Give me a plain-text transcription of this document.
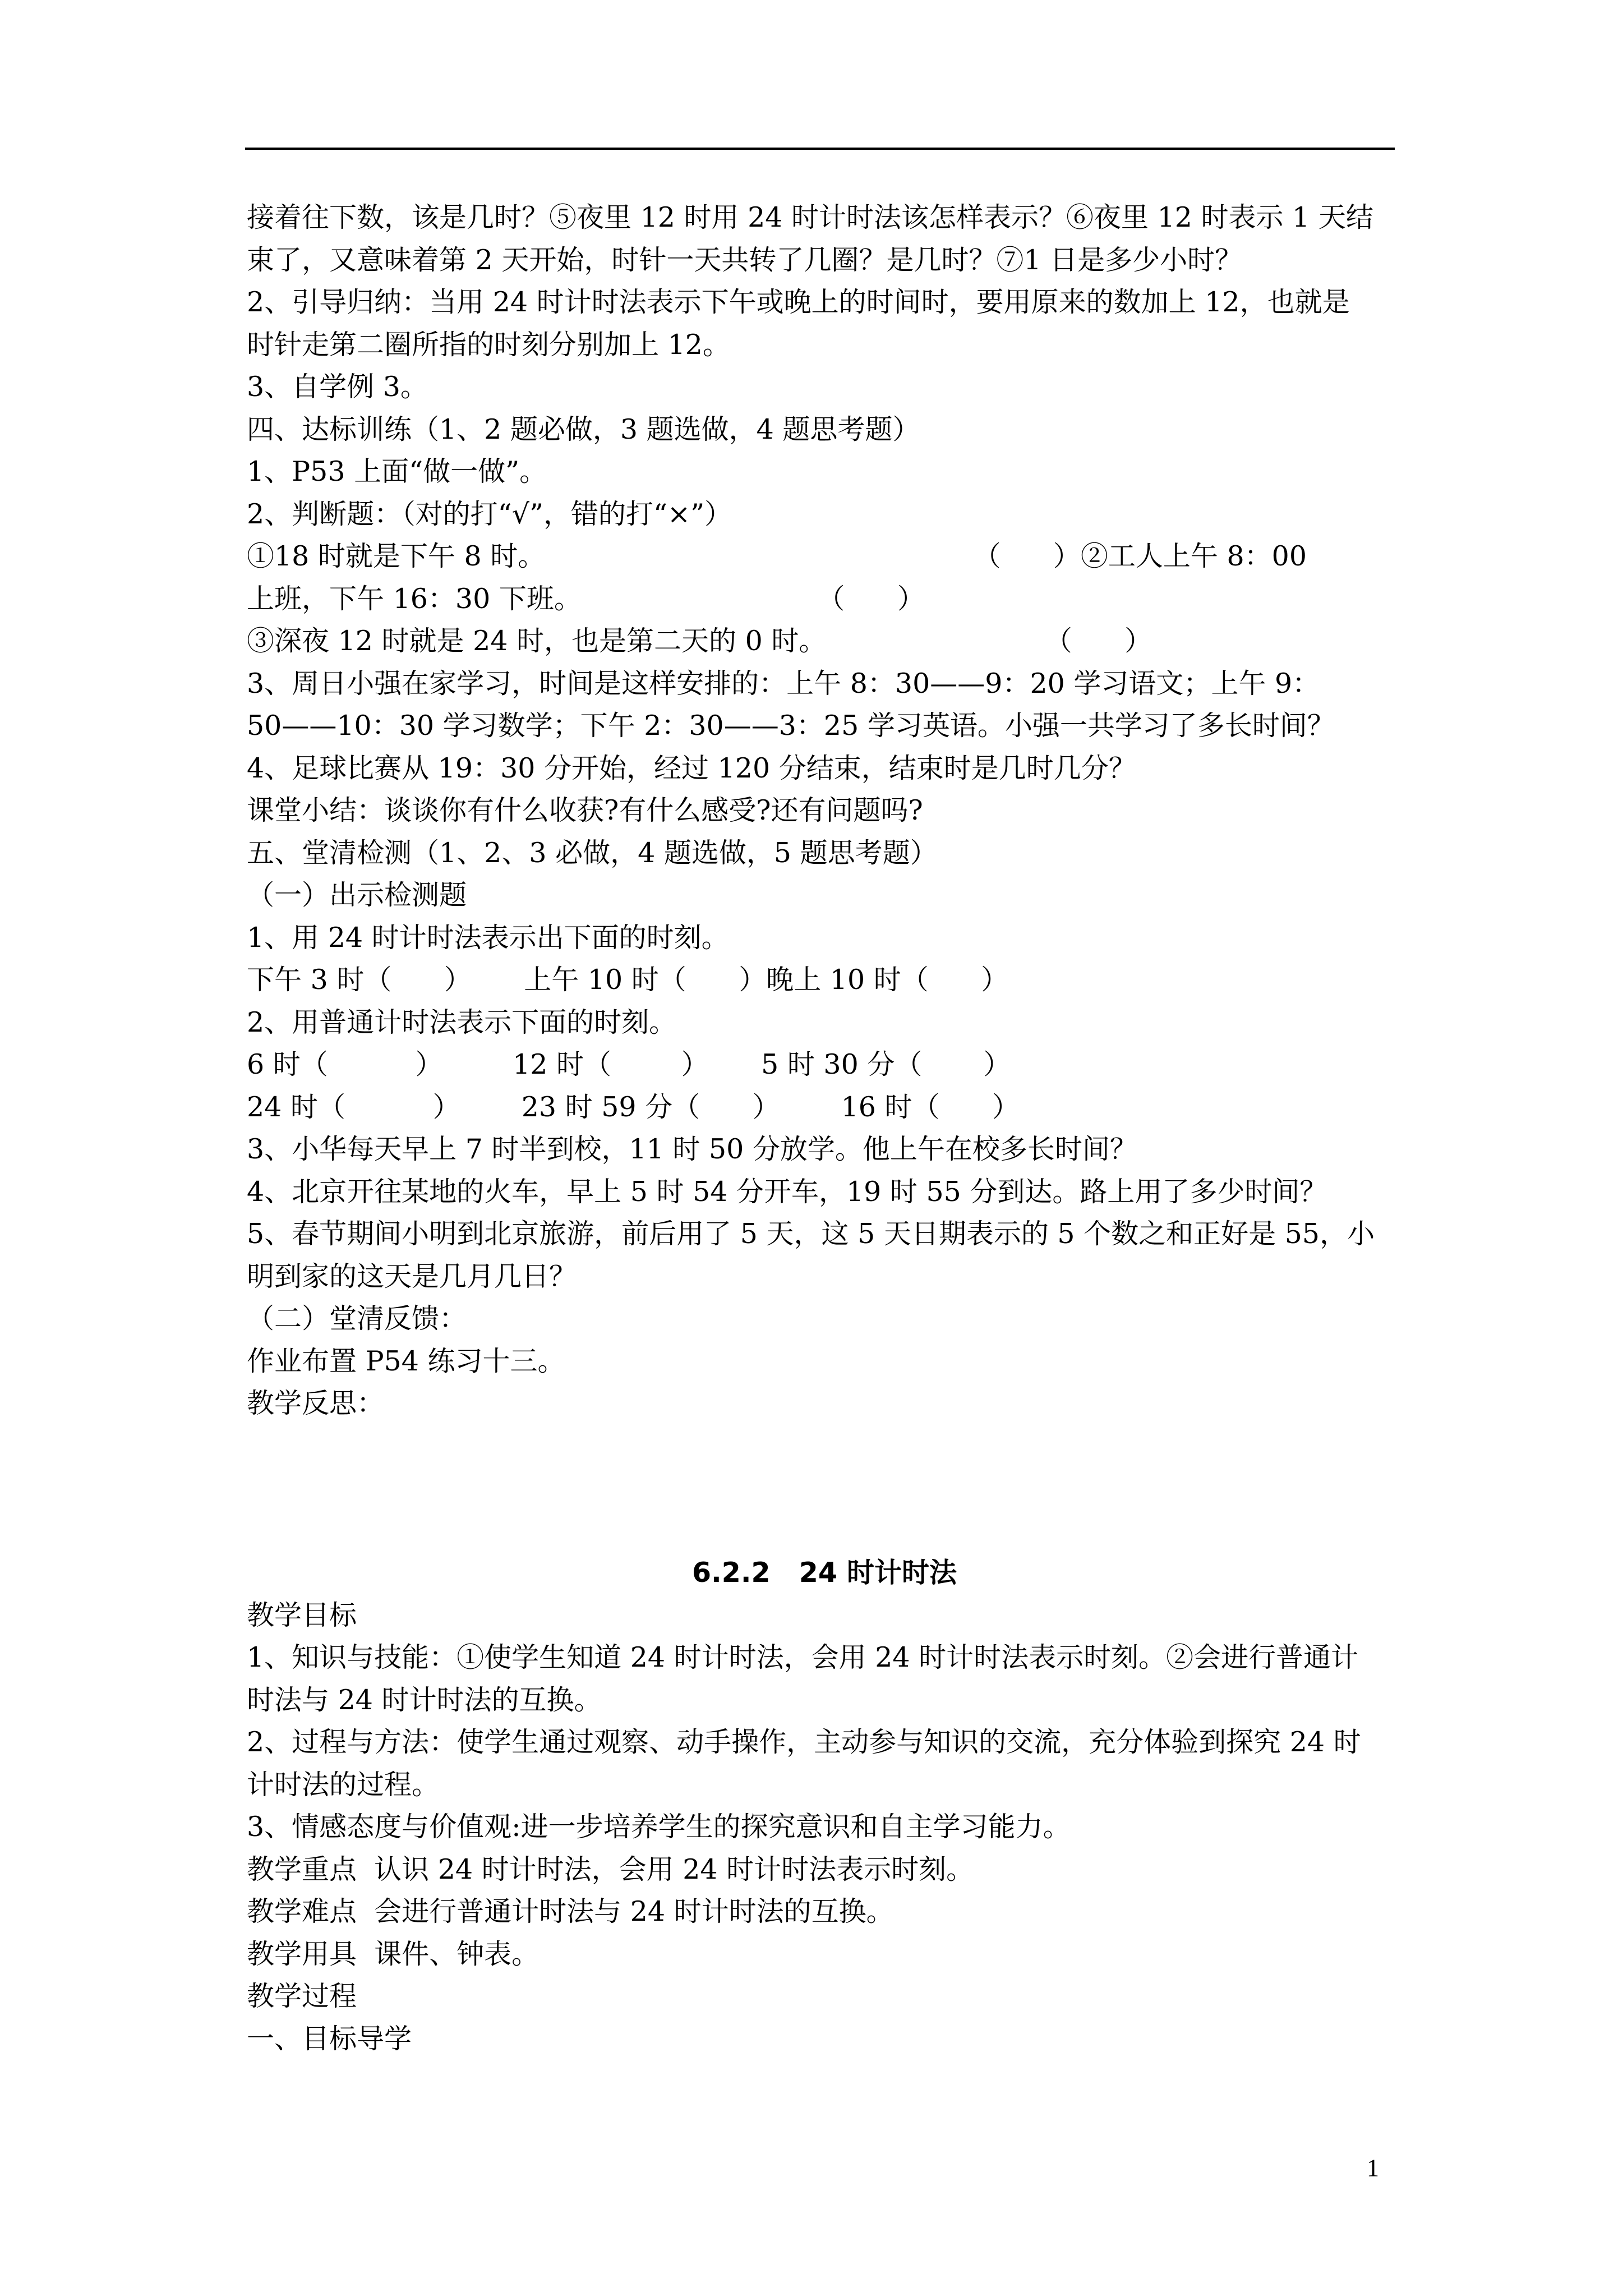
接着往下数，该是几时？⑤夜里 12 时用 24 时计时法该怎样表示？⑥夜里 12 时表示 1 天结
束了，又意味着第 2 天开始，时针一天共转了几圈？是几时？⑦1 日是多少小时？
2、引导归纳：当用 24 时计时法表示下午或晚上的时间时，要用原来的数加上 12，也就是
时针走第二圈所指的时刻分别加上 12。
3、自学例 3。
四、达标训练（1、2 题必做，3 题选做，4 题思考题）
1、P53 上面“做一做”。
2、判断题：（对的打“√”，错的打“×”）
①18 时就是下午 8 时。                                                 （      ）②工人上午 8：00
上班，下午 16：30 下班。                           （      ）
③深夜 12 时就是 24 时，也是第二天的 0 时。                         （      ）
3、周日小强在家学习，时间是这样安排的：上午 8：30——9：20 学习语文；上午 9：
50——10：30 学习数学；下午 2：30——3：25 学习英语。小强一共学习了多长时间？
4、足球比赛从 19：30 分开始，经过 120 分结束，结束时是几时几分？
课堂小结：谈谈你有什么收获?有什么感受?还有问题吗?
五、堂清检测（1、2、3 必做，4 题选做，5 题思考题）
（一）出示检测题
1、用 24 时计时法表示出下面的时刻。
下午 3 时（      ）      上午 10 时（      ）晚上 10 时（      ）
2、用普通计时法表示下面的时刻。
6 时（          ）        12 时（        ）      5 时 30 分（       ）
24 时（          ）       23 时 59 分（      ）       16 时（      ）
3、小华每天早上 7 时半到校，11 时 50 分放学。他上午在校多长时间？
4、北京开往某地的火车，早上 5 时 54 分开车，19 时 55 分到达。路上用了多少时间？
5、春节期间小明到北京旅游，前后用了 5 天，这 5 天日期表示的 5 个数之和正好是 55，小
明到家的这天是几月几日？
（二）堂清反馈：
作业布置 P54 练习十三。
教学反思：
6.2.2   24 时计时法
教学目标
1、知识与技能：①使学生知道 24 时计时法，会用 24 时计时法表示时刻。②会进行普通计
时法与 24 时计时法的互换。
2、过程与方法：使学生通过观察、动手操作，主动参与知识的交流，充分体验到探究 24 时
计时法的过程。
3、情感态度与价值观:进一步培养学生的探究意识和自主学习能力。
教学重点  认识 24 时计时法，会用 24 时计时法表示时刻。
教学难点  会进行普通计时法与 24 时计时法的互换。
教学用具  课件、钟表。
教学过程
一、目标导学
1
